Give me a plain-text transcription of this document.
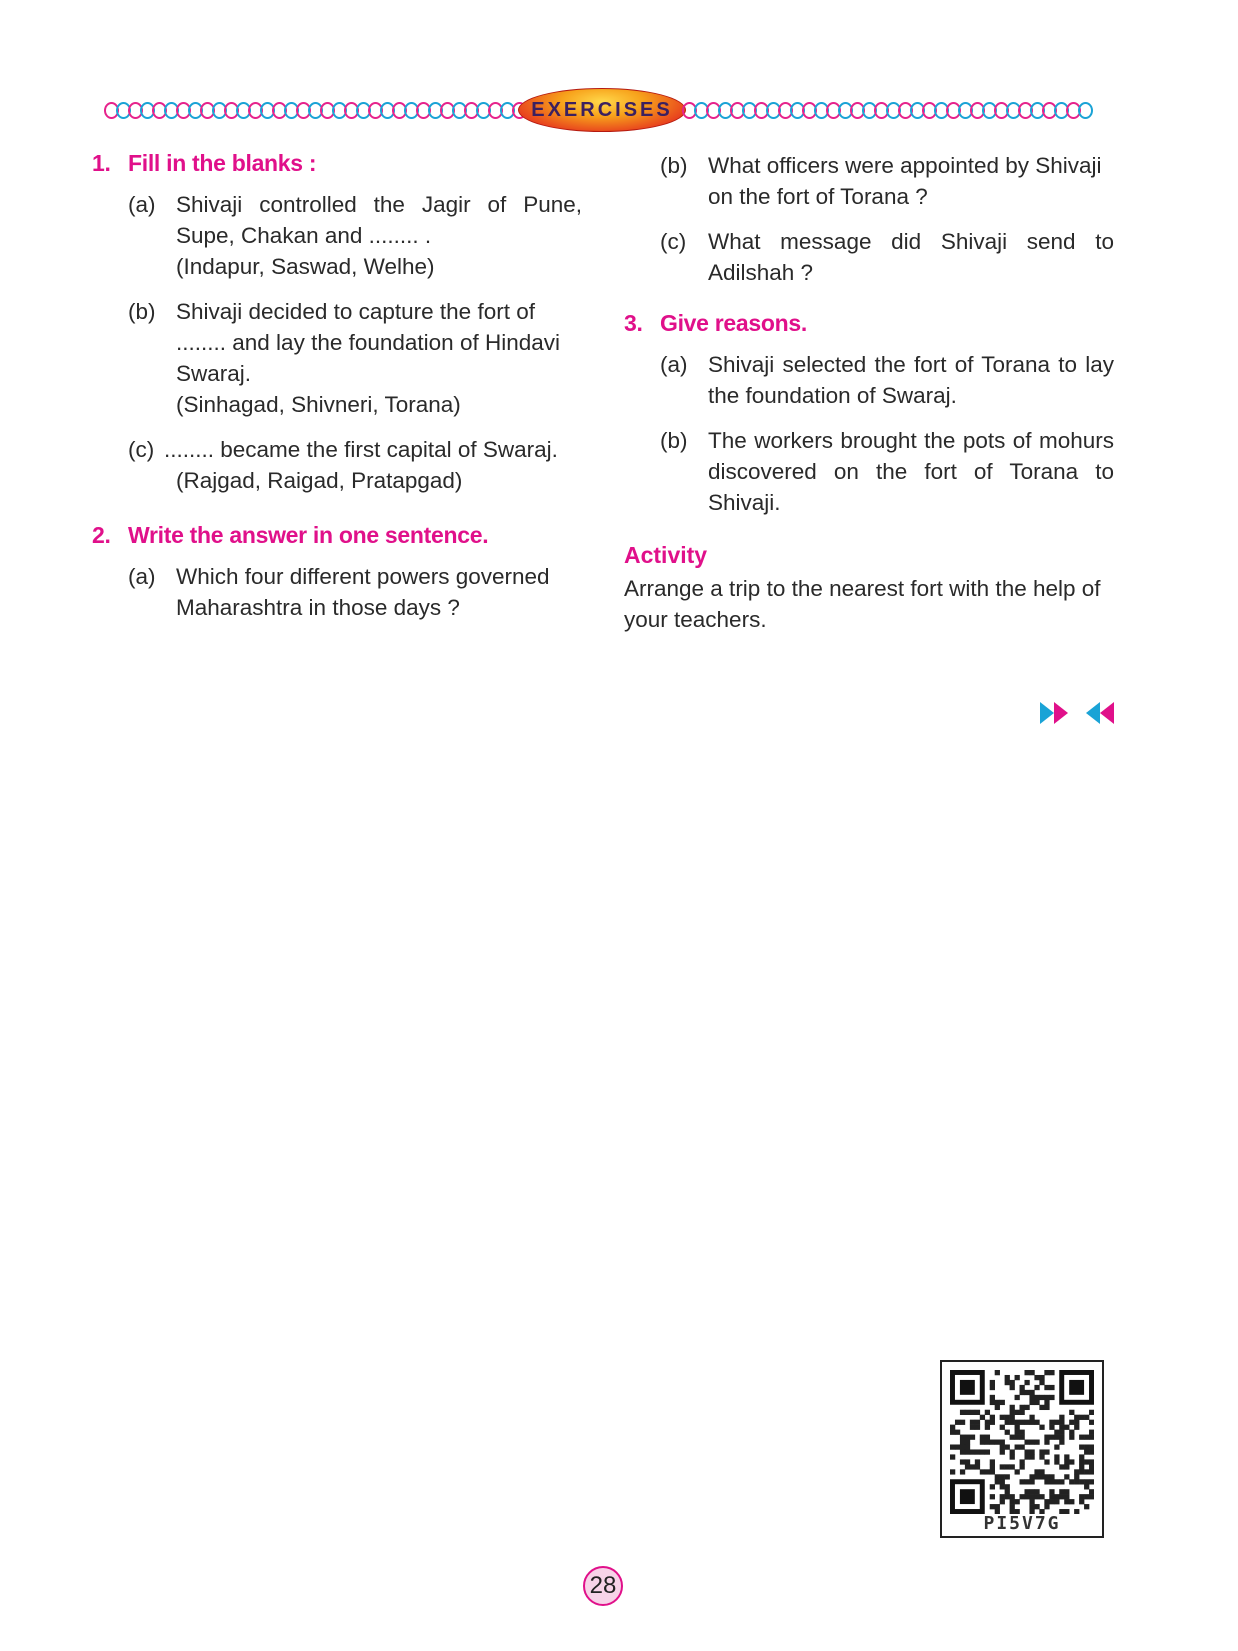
EXERCISES
1. Fill in the blanks :
(a) Shivaji controlled the Jagir of Pune, Supe, Chakan and ........ .
(Indapur, Saswad, Welhe)
(b) Shivaji decided to capture the fort of ........ and lay the foundation of Hindavi Swaraj.
(Sinhagad, Shivneri, Torana)
(c) ........ became the first capital of Swaraj.
(Rajgad, Raigad, Pratapgad)
2. Write the answer in one sentence.
(a) Which four different powers governed Maharashtra in those days ?
(b) What officers were appointed by Shivaji on the fort of Torana ?
(c) What message did Shivaji send to Adilshah ?
3. Give reasons.
(a) Shivaji selected the fort of Torana to lay the foundation of Swaraj.
(b) The workers brought the pots of mohurs discovered on the fort of Torana to Shivaji.
Activity
Arrange a trip to the nearest fort with the help of your teachers.
PI5V7G
28
